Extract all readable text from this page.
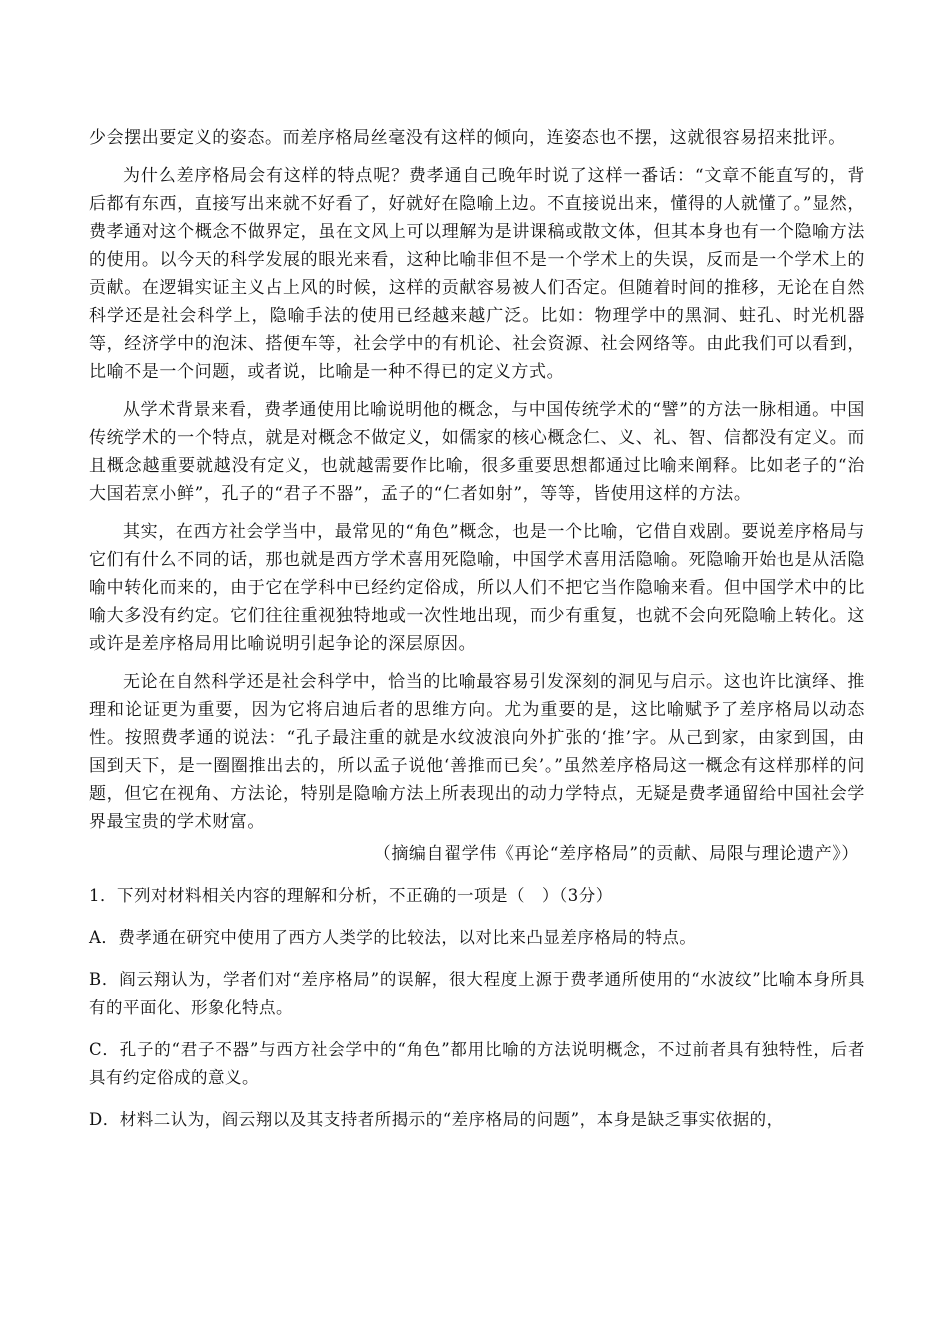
少会摆出要定义的姿态。而差序格局丝毫没有这样的倾向，连姿态也不摆，这就很容易招来批评。

为什么差序格局会有这样的特点呢？费孝通自己晚年时说了这样一番话：“文章不能直写的，背后都有东西，直接写出来就不好看了，好就好在隐喻上边。不直接说出来，懂得的人就懂了。”显然，费孝通对这个概念不做界定，虽在文风上可以理解为是讲课稿或散文体，但其本身也有一个隐喻方法的使用。以今天的科学发展的眼光来看，这种比喻非但不是一个学术上的失误，反而是一个学术上的贡献。在逻辑实证主义占上风的时候，这样的贡献容易被人们否定。但随着时间的推移，无论在自然科学还是社会科学上，隐喻手法的使用已经越来越广泛。比如：物理学中的黑洞、蛀孔、时光机器等，经济学中的泡沫、搭便车等，社会学中的有机论、社会资源、社会网络等。由此我们可以看到，比喻不是一个问题，或者说，比喻是一种不得已的定义方式。

从学术背景来看，费孝通使用比喻说明他的概念，与中国传统学术的“譬”的方法一脉相通。中国传统学术的一个特点，就是对概念不做定义，如儒家的核心概念仁、义、礼、智、信都没有定义。而且概念越重要就越没有定义，也就越需要作比喻，很多重要思想都通过比喻来阐释。比如老子的“治大国若烹小鲜”，孔子的“君子不器”，孟子的“仁者如射”，等等，皆使用这样的方法。

其实，在西方社会学当中，最常见的“角色”概念，也是一个比喻，它借自戏剧。要说差序格局与它们有什么不同的话，那也就是西方学术喜用死隐喻，中国学术喜用活隐喻。死隐喻开始也是从活隐喻中转化而来的，由于它在学科中已经约定俗成，所以人们不把它当作隐喻来看。但中国学术中的比喻大多没有约定。它们往往重视独特地或一次性地出现，而少有重复，也就不会向死隐喻上转化。这或许是差序格局用比喻说明引起争论的深层原因。

无论在自然科学还是社会科学中，恰当的比喻最容易引发深刻的洞见与启示。这也许比演绎、推理和论证更为重要，因为它将启迪后者的思维方向。尤为重要的是，这比喻赋予了差序格局以动态性。按照费孝通的说法：“孔子最注重的就是水纹波浪向外扩张的‘推’字。从己到家，由家到国，由国到天下，是一圈圈推出去的，所以孟子说他‘善推而已矣’。”虽然差序格局这一概念有这样那样的问题，但它在视角、方法论，特别是隐喻方法上所表现出的动力学特点，无疑是费孝通留给中国社会学界最宝贵的学术财富。

（摘编自翟学伟《再论“差序格局”的贡献、局限与理论遗产》）

1．下列对材料相关内容的理解和分析，不正确的一项是（　）（3分）

A．费孝通在研究中使用了西方人类学的比较法，以对比来凸显差序格局的特点。

B．阎云翔认为，学者们对“差序格局”的误解，很大程度上源于费孝通所使用的“水波纹”比喻本身所具有的平面化、形象化特点。

C．孔子的“君子不器”与西方社会学中的“角色”都用比喻的方法说明概念，不过前者具有独特性，后者具有约定俗成的意义。

D．材料二认为，阎云翔以及其支持者所揭示的“差序格局的问题”，本身是缺乏事实依据的，
